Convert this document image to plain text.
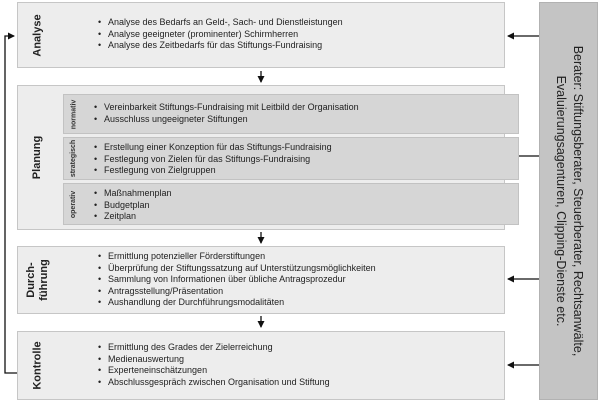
Analyse	• Analyse des Bedarfs an Geld-, Sach- und Dienstleistungen
• Analyse geeigneter (prominenter) Schirmherren
• Analyse des Zeitbedarfs für das Stiftungs-Fundraising
Planung
normativ	• Vereinbarkeit Stiftungs-Fundraising mit Leitbild der Organisation
• Ausschluss ungeeigneter Stiftungen
strategisch	• Erstellung einer Konzeption für das Stiftungs-Fundraising
• Festlegung von Zielen für das Stiftungs-Fundraising
• Festlegung von Zielgruppen
operativ	• Maßnahmenplan
• Budgetplan
• Zeitplan
Durch- führung
• Ermittlung potenzieller Förderstiftungen
• Überprüfung der Stiftungssatzung auf Unterstützungsmöglichkeiten
• Sammlung von Informationen über übliche Antragsprozedur
• Antragsstellung/Präsentation
• Aushandlung der Durchführungsmodalitäten
Kontrolle	• Ermittlung des Grades der Zielerreichung
• Medienauswertung
• Experteneinschätzungen
• Abschlussgespräch zwischen Organisation und Stiftung
Berater: Stiftungsberater, Steuerberater, Rechtsanwälte, Evaluierungsagenturen, Clipping-Dienste etc.
